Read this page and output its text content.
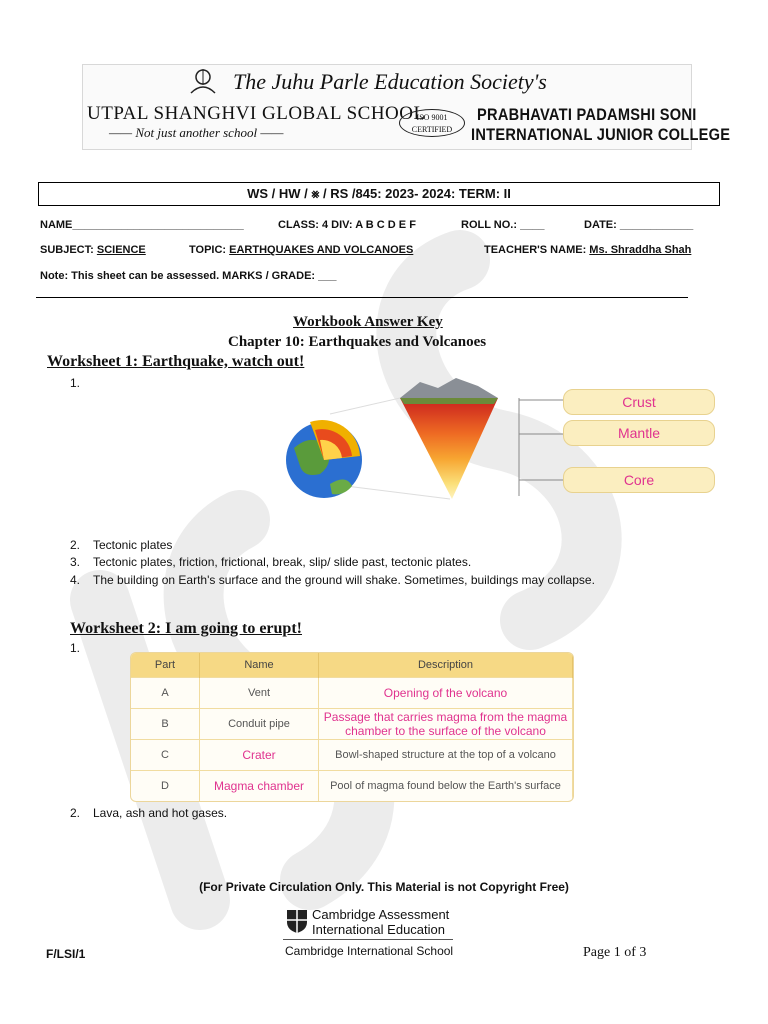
The Juhu Parle Education Society's
UTPAL SHANGHVI GLOBAL SCHOOL
—— Not just another school ——
ISO 9001
CERTIFIED
PRABHAVATI PADAMSHI SONI
INTERNATIONAL JUNIOR COLLEGE
WS / HW / ⨳ / RS /845: 2023- 2024: TERM: II
NAME____________________________	CLASS: 4 DIV: A B C D E F	ROLL NO.: ____	DATE: ____________
SUBJECT: SCIENCE	TOPIC: EARTHQUAKES AND VOLCANOES	TEACHER'S NAME: Ms. Shraddha Shah
Note: This sheet can be assessed. MARKS / GRADE: ___
Workbook Answer Key
Chapter 10: Earthquakes and Volcanoes
Worksheet 1: Earthquake, watch out!
1.
Crust
Mantle
Core
2. Tectonic plates
3. Tectonic plates, friction, frictional, break, slip/ slide past, tectonic plates.
4. The building on Earth's surface and the ground will shake. Sometimes, buildings may collapse.
Worksheet 2: I am going to erupt!
1.
Part	Name	Description
A	Vent	Opening of the volcano
B	Conduit pipe	Passage that carries magma from the magma chamber to the surface of the volcano
C	Crater	Bowl-shaped structure at the top of a volcano
D	Magma chamber	Pool of magma found below the Earth's surface
2. Lava, ash and hot gases.
(For Private Circulation Only. This Material is not Copyright Free)
Cambridge Assessment
International Education
Cambridge International School
F/LSI/1	Page 1 of 3
